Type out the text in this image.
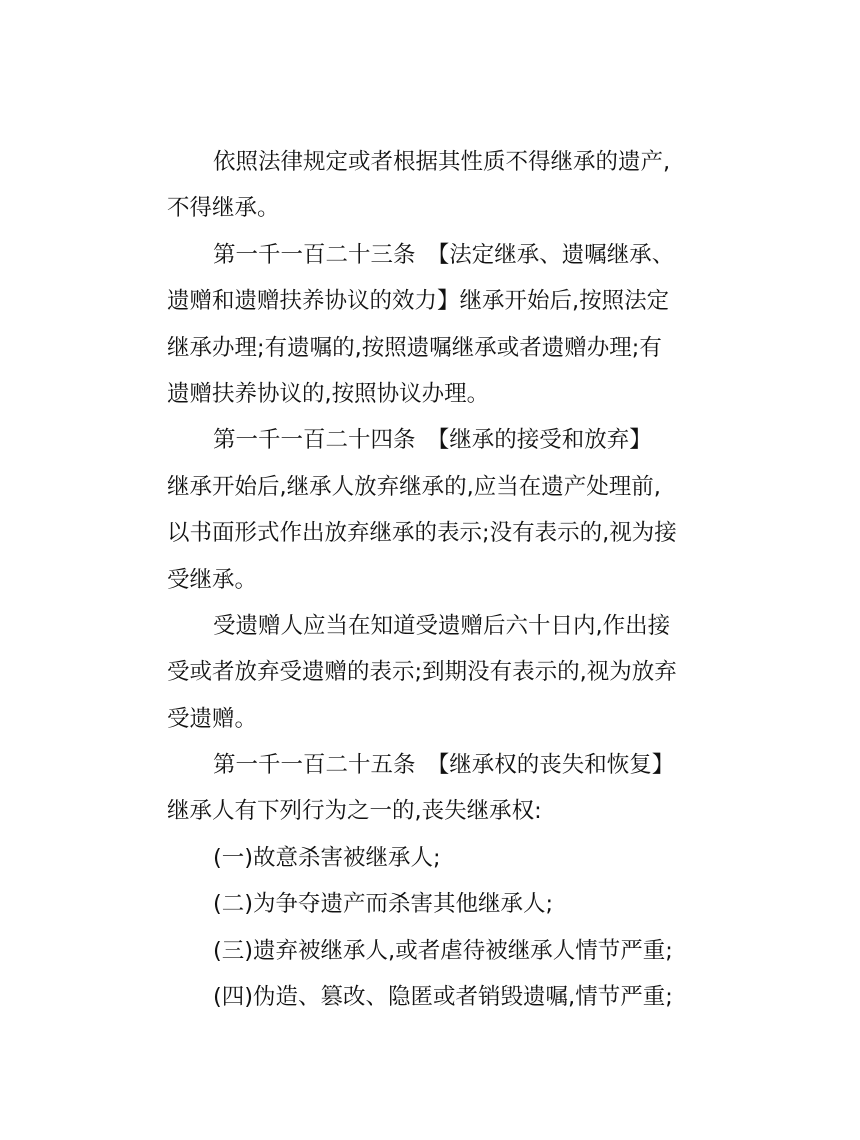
依照法律规定或者根据其性质不得继承的遗产,
不得继承。
第一千一百二十三条　【法定继承、遗嘱继承、
遗赠和遗赠扶养协议的效力】继承开始后,按照法定
继承办理;有遗嘱的,按照遗嘱继承或者遗赠办理;有
遗赠扶养协议的,按照协议办理。
第一千一百二十四条　【继承的接受和放弃】
继承开始后,继承人放弃继承的,应当在遗产处理前,
以书面形式作出放弃继承的表示;没有表示的,视为接
受继承。
受遗赠人应当在知道受遗赠后六十日内,作出接
受或者放弃受遗赠的表示;到期没有表示的,视为放弃
受遗赠。
第一千一百二十五条　【继承权的丧失和恢复】
继承人有下列行为之一的,丧失继承权:
(一)故意杀害被继承人;
(二)为争夺遗产而杀害其他继承人;
(三)遗弃被继承人,或者虐待被继承人情节严重;
(四)伪造、篡改、隐匿或者销毁遗嘱,情节严重;
